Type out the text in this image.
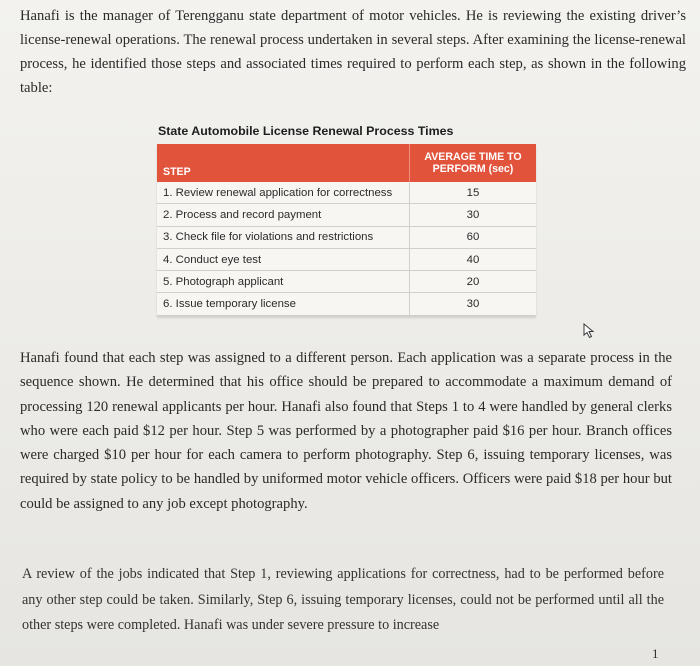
Hanafi is the manager of Terengganu state department of motor vehicles. He is reviewing the existing driver’s license-renewal operations. The renewal process undertaken in several steps. After examining the license-renewal process, he identified those steps and associated times required to perform each step, as shown in the following table:

State Automobile License Renewal Process Times
STEP	AVERAGE TIME TO
PERFORM (sec)
1. Review renewal application for correctness	15
2. Process and record payment	30
3. Check file for violations and restrictions	60
4. Conduct eye test	40
5. Photograph applicant	20
6. Issue temporary license	30

Hanafi found that each step was assigned to a different person. Each application was a separate process in the sequence shown. He determined that his office should be prepared to accommodate a maximum demand of processing 120 renewal applicants per hour. Hanafi also found that Steps 1 to 4 were handled by general clerks who were each paid $12 per hour. Step 5 was performed by a photographer paid $16 per hour. Branch offices were charged $10 per hour for each camera to perform photography. Step 6, issuing temporary licenses, was required by state policy to be handled by uniformed motor vehicle officers. Officers were paid $18 per hour but could be assigned to any job except photography.

A review of the jobs indicated that Step 1, reviewing applications for correctness, had to be performed before any other step could be taken. Similarly, Step 6, issuing temporary licenses, could not be performed until all the other steps were completed. Hanafi was under severe pressure to increase

1
